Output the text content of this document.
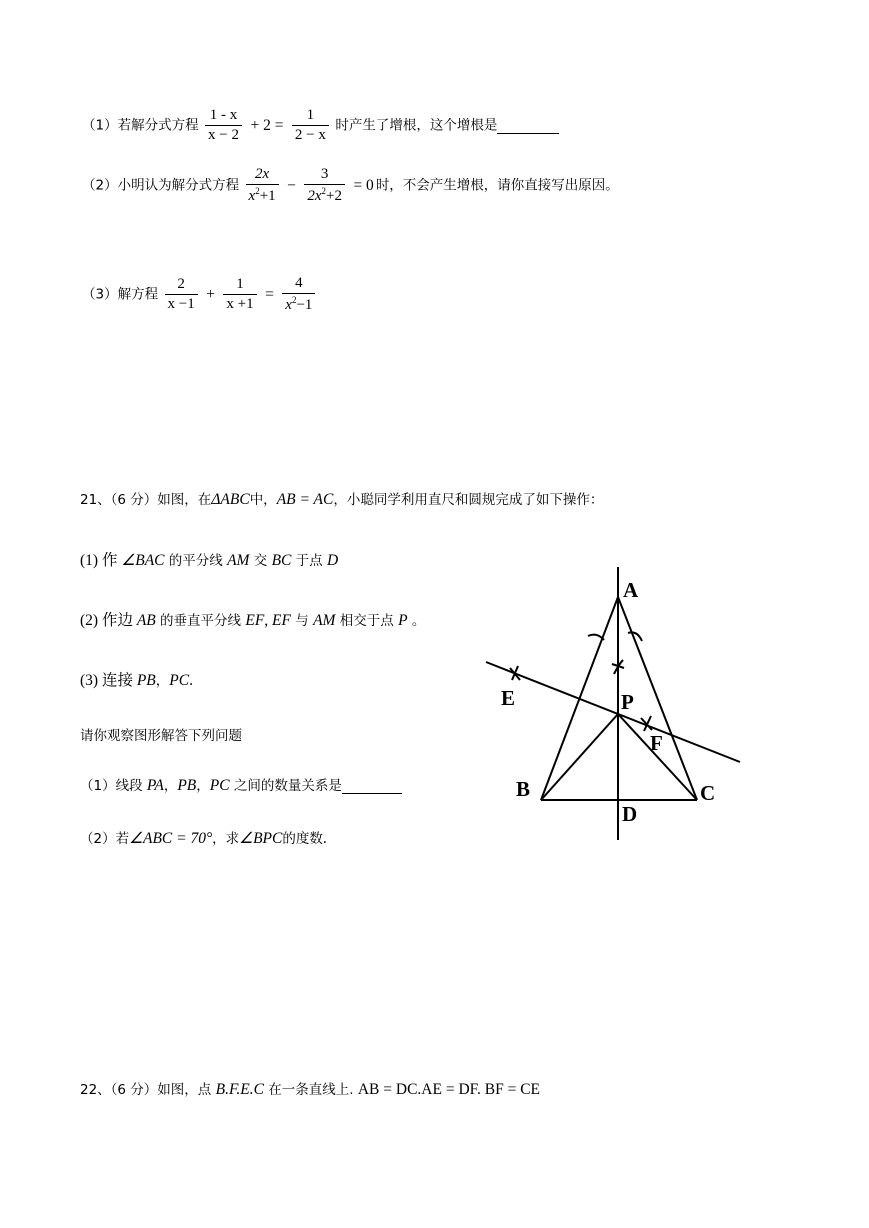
（1）若解分式方程 $\frac{1 - x}{x - 2} + 2 = \frac{1}{2 - x}$ 时产生了增根，这个增根是
（2）小明认为解分式方程 $\frac{2x}{x^2+1} - \frac{3}{2x^2+2} = 0$ 时，不会产生增根，请你直接写出原因。
（3）解方程 $\frac{2}{x -1} + \frac{1}{x +1} = \frac{4}{x^2-1}$
21、（6 分）如图，在ΔABC中，AB = AC，小聪同学利用直尺和圆规完成了如下操作：
(1) 作 ∠BAC 的平分线 AM 交 BC 于点 D
(2) 作边 AB 的垂直平分线 EF, EF 与 AM 相交于点 P 。
(3) 连接 PB，PC.
请你观察图形解答下列问题
（1）线段 PA，PB，PC 之间的数量关系是
（2）若∠ABC = 70°，求∠BPC的度数.
A
E	P
F
B	C
D
22、（6 分）如图，点 B.F.E.C 在一条直线上. AB = DC.AE = DF. BF = CE
